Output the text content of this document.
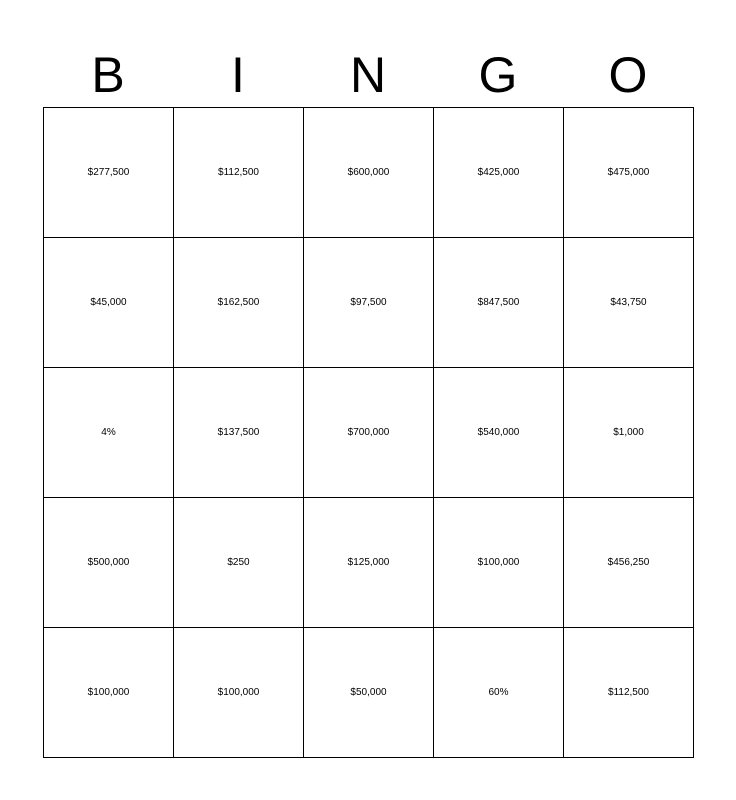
B	I	N	G	O
$277,500	$112,500	$600,000	$425,000	$475,000
$45,000	$162,500	$97,500	$847,500	$43,750
4%	$137,500	$700,000	$540,000	$1,000
$500,000	$250	$125,000	$100,000	$456,250
$100,000	$100,000	$50,000	60%	$112,500
